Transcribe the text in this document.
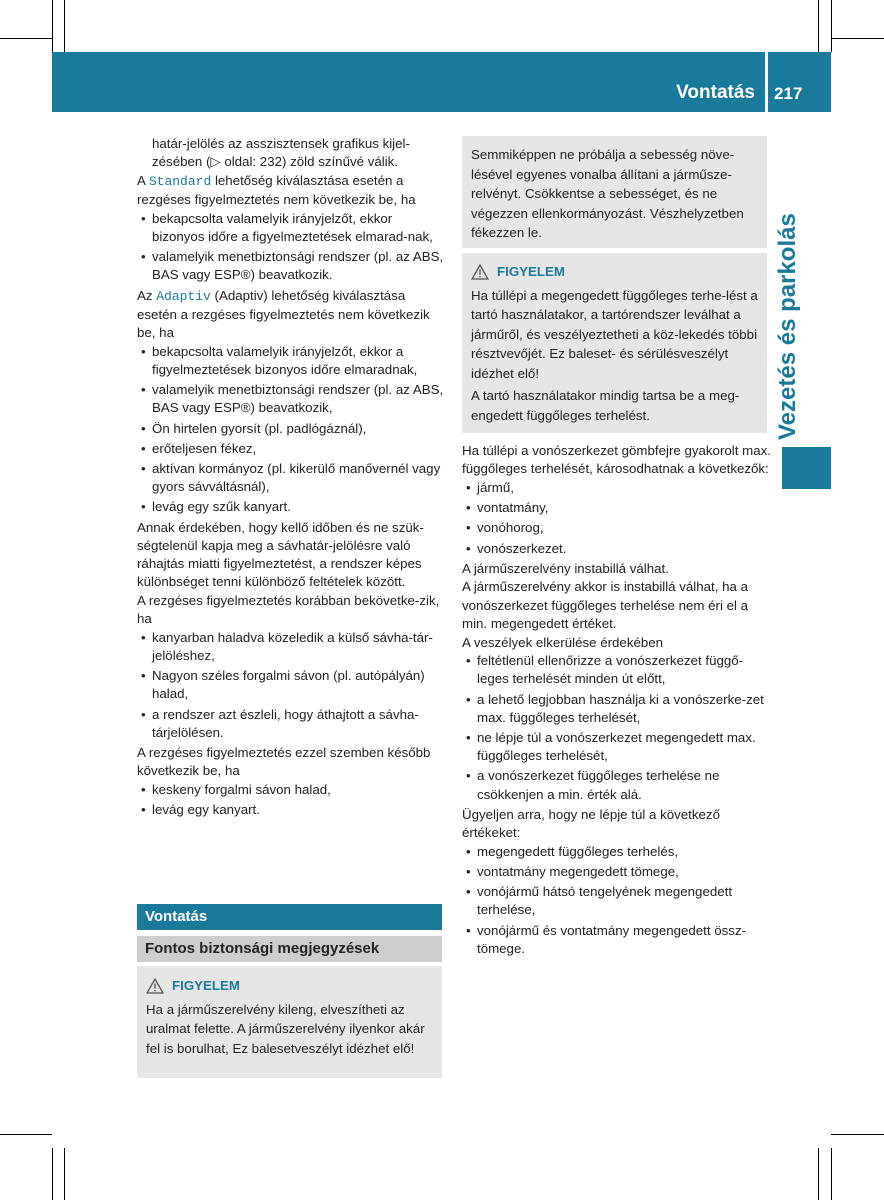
Vontatás 217
Vezetés és parkolás

határ-jelölés az asszisztensek grafikus kijel-
zésében (▷ oldal: 232) zöld színűvé válik.

A Standard lehetőség kiválasztása esetén a rezgéses figyelmeztetés nem következik be, ha

• bekapcsolta valamelyik irányjelzőt, ekkor bizonyos időre a figyelmeztetések elmarad-nak,
• valamelyik menetbiztonsági rendszer (pl. az ABS, BAS vagy ESP®) beavatkozik.

Az Adaptiv (Adaptiv) lehetőség kiválasztása esetén a rezgéses figyelmeztetés nem következik be, ha

• bekapcsolta valamelyik irányjelzőt, ekkor a figyelmeztetések bizonyos időre elmaradnak,
• valamelyik menetbiztonsági rendszer (pl. az ABS, BAS vagy ESP®) beavatkozik,
• Ön hirtelen gyorsít (pl. padlógáznál),
• erőteljesen fékez,
• aktívan kormányoz (pl. kikerülő manővernél vagy gyors sávváltásnál),
• levág egy szűk kanyart.

Annak érdekében, hogy kellő időben és ne szük-ségtelenül kapja meg a sávhatár-jelölésre való ráhajtás miatti figyelmeztetést, a rendszer képes különbséget tenni különböző feltételek között.

A rezgéses figyelmeztetés korábban bekövetke-zik, ha

• kanyarban haladva közeledik a külső sávha-tár-jelöléshez,
• Nagyon széles forgalmi sávon (pl. autópályán) halad,
• a rendszer azt észleli, hogy áthajtott a sávha-tárjelölésen.

A rezgéses figyelmeztetés ezzel szemben később következik be, ha

• keskeny forgalmi sávon halad,
• levág egy kanyart.
Vontatás
Fontos biztonsági megjegyzések
FIGYELEM
Ha a járműszerelvény kileng, elveszítheti az uralmat felette. A járműszerelvény ilyenkor akár fel is borulhat, Ez balesetveszélyt idézhet elő!
Semmiképpen ne próbálja a sebesség növe-lésével egyenes vonalba állítani a járműsze-relvényt. Csökkentse a sebességet, és ne végezzen ellenkormányozást. Vészhelyzetben fékezzen le.
FIGYELEM
Ha túllépi a megengedett függőleges terhe-lést a tartó használatakor, a tartórendszer leválhat a járműről, és veszélyeztetheti a köz-lekedés többi résztvevőjét. Ez baleset- és sérülésveszélyt idézhet elő!
A tartó használatakor mindig tartsa be a meg-engedett függőleges terhelést.

Ha túllépi a vonószerkezet gömbfejre gyakorolt max. függőleges terhelését, károsodhatnak a következők:

• jármű,
• vontatmány,
• vonóhorog,
• vonószerkezet.

A járműszerelvény instabillá válhat.

A járműszerelvény akkor is instabillá válhat, ha a vonószerkezet függőleges terhelése nem éri el a min. megengedett értéket.

A veszélyek elkerülése érdekében

• feltétlenül ellenőrizze a vonószerkezet függő-leges terhelését minden út előtt,
• a lehető legjobban használja ki a vonószerke-zet max. függőleges terhelését,
• ne lépje túl a vonószerkezet megengedett max. függőleges terhelését,
• a vonószerkezet függőleges terhelése ne csökkenjen a min. érték alá.

Ügyeljen arra, hogy ne lépje túl a következő értékeket:

• megengedett függőleges terhelés,
• vontatmány megengedett tömege,
• vonójármű hátsó tengelyének megengedett terhelése,
• vonójármű és vontatmány megengedett össz-tömege.
